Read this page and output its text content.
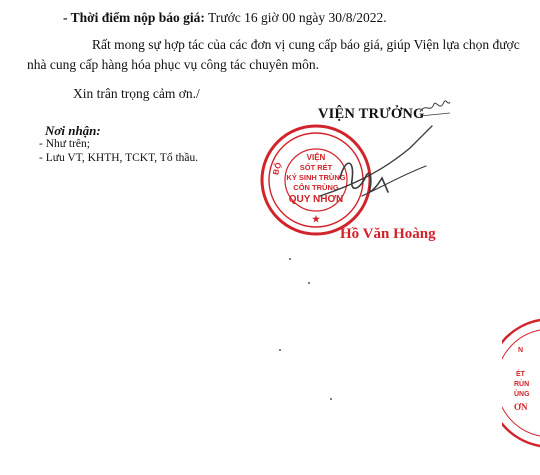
- Thời điểm nộp báo giá: Trước 16 giờ 00 ngày 30/8/2022.
Rất mong sự hợp tác của các đơn vị cung cấp báo giá, giúp Viện lựa chọn được
nhà cung cấp hàng hóa phục vụ công tác chuyên môn.
Xin trân trọng cảm ơn./
VIỆN TRƯỞNG
Nơi nhận:
- Như trên;
- Lưu VT, KHTH, TCKT, Tổ thầu.
BỘ
VIỆN
SỐT RÉT
KÝ SINH TRÙNG
CÔN TRÙNG
QUY NHƠN
★
Hồ Văn Hoàng
N
ÉT
RÙN
ÙNG
ƠN
